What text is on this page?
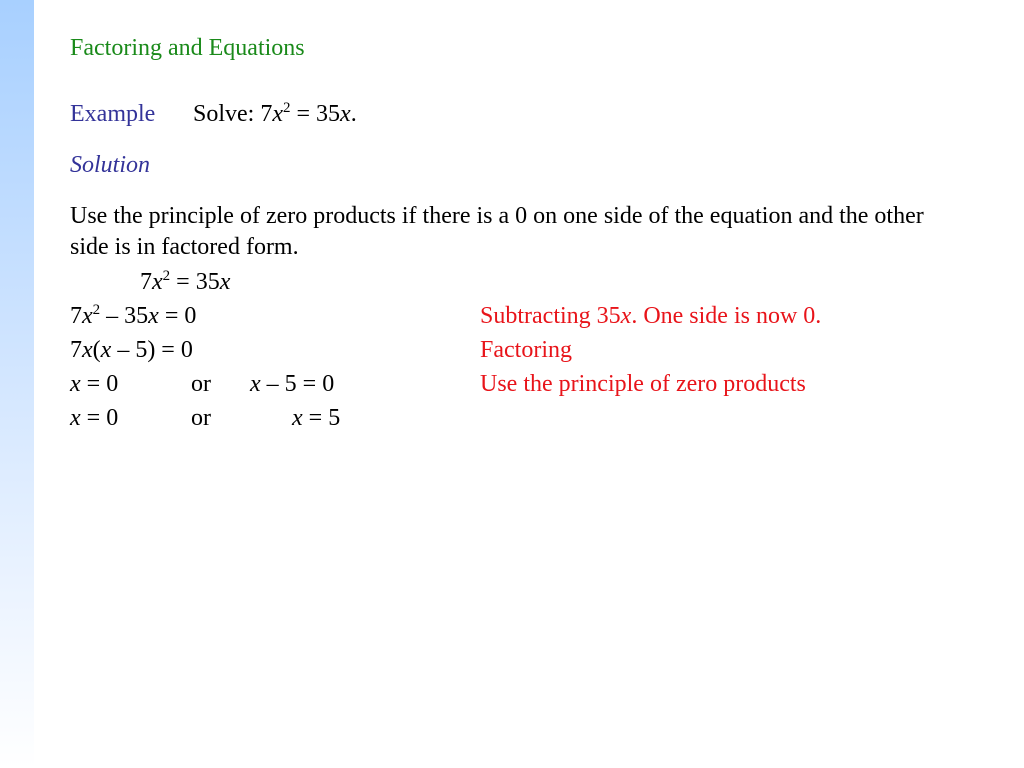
Factoring and Equations
Example Solve: $7x^2 = 35x$.
Solution
Use the principle of zero products if there is a 0 on one side of the equation and the other side is in factored form.
$7x^2 = 35x$
$7x^2 - 35x = 0$	Subtracting 35x. One side is now 0.
7x(x – 5) = 0	Factoring
x = 0	or x – 5 = 0	Use the principle of zero products
x = 0	or	x = 5
